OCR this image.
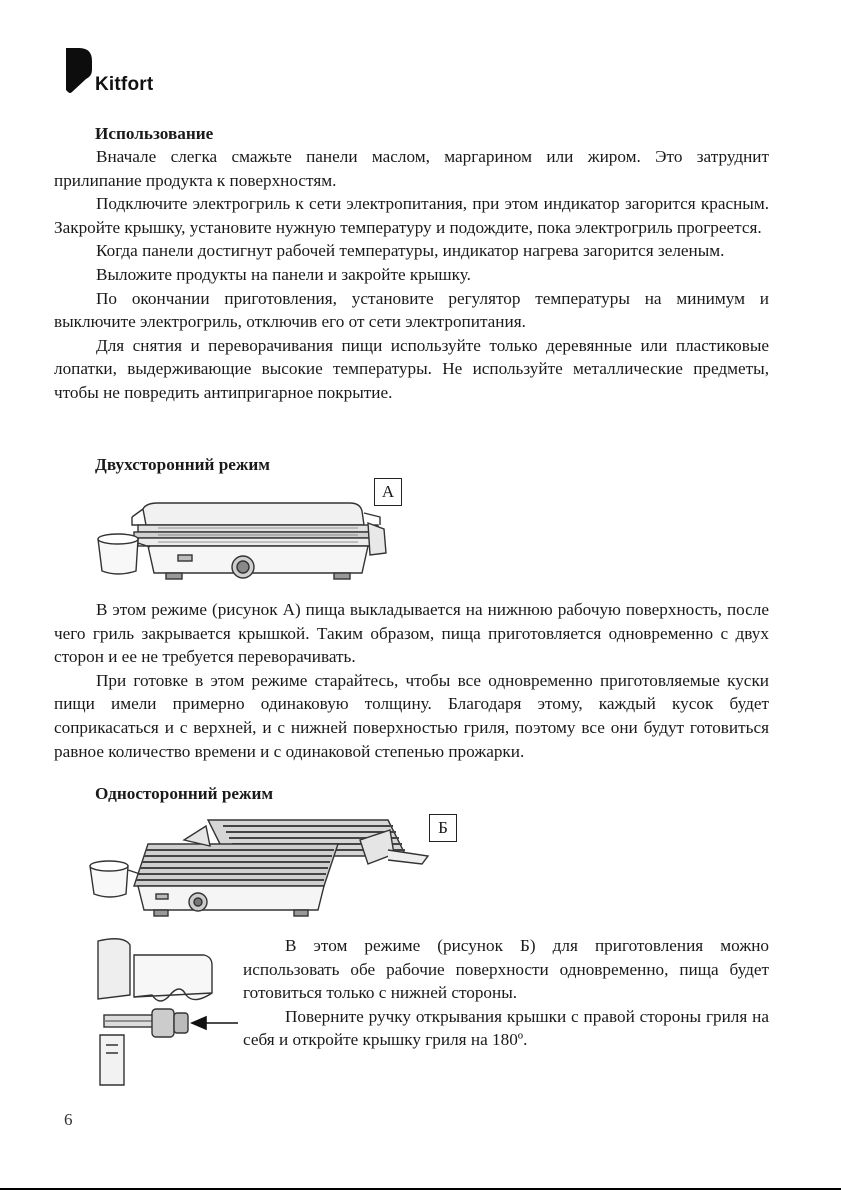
Kitfort
Использование

Вначале слегка смажьте панели маслом, маргарином или жиром. Это затруднит прилипание продукта к поверхностям.

Подключите электрогриль к сети электропитания, при этом индикатор загорится красным. Закройте крышку, установите нужную температуру и подождите, пока электрогриль прогреется.

Когда панели достигнут рабочей температуры, индикатор нагрева загорится зеленым.

Выложите продукты на панели и закройте крышку.

По окончании приготовления, установите регулятор температуры на минимум и выключите электрогриль, отключив его от сети электропитания.

Для снятия и переворачивания пищи используйте только деревянные или пластиковые лопатки, выдерживающие высокие температуры. Не используйте металлические предметы, чтобы не повредить антипригарное покрытие.

Двухсторонний режим
А

В этом режиме (рисунок А) пища выкладывается на нижнюю рабочую поверхность, после чего гриль закрывается крышкой. Таким образом, пища приготовляется одновременно с двух сторон и ее не требуется переворачивать.

При готовке в этом режиме старайтесь, чтобы все одновременно приготовляемые куски пищи имели примерно одинаковую толщину. Благодаря этому, каждый кусок будет соприкасаться и с верхней, и с нижней поверхностью гриля, поэтому все они будут готовиться равное количество времени и с одинаковой степенью прожарки.

Односторонний режим
Б

В этом режиме (рисунок Б) для приготовления можно использовать обе рабочие поверхности одновременно, пища будет готовиться только с нижней стороны.

Поверните ручку открывания крышки с правой стороны гриля на себя и откройте крышку гриля на 180º.

6
